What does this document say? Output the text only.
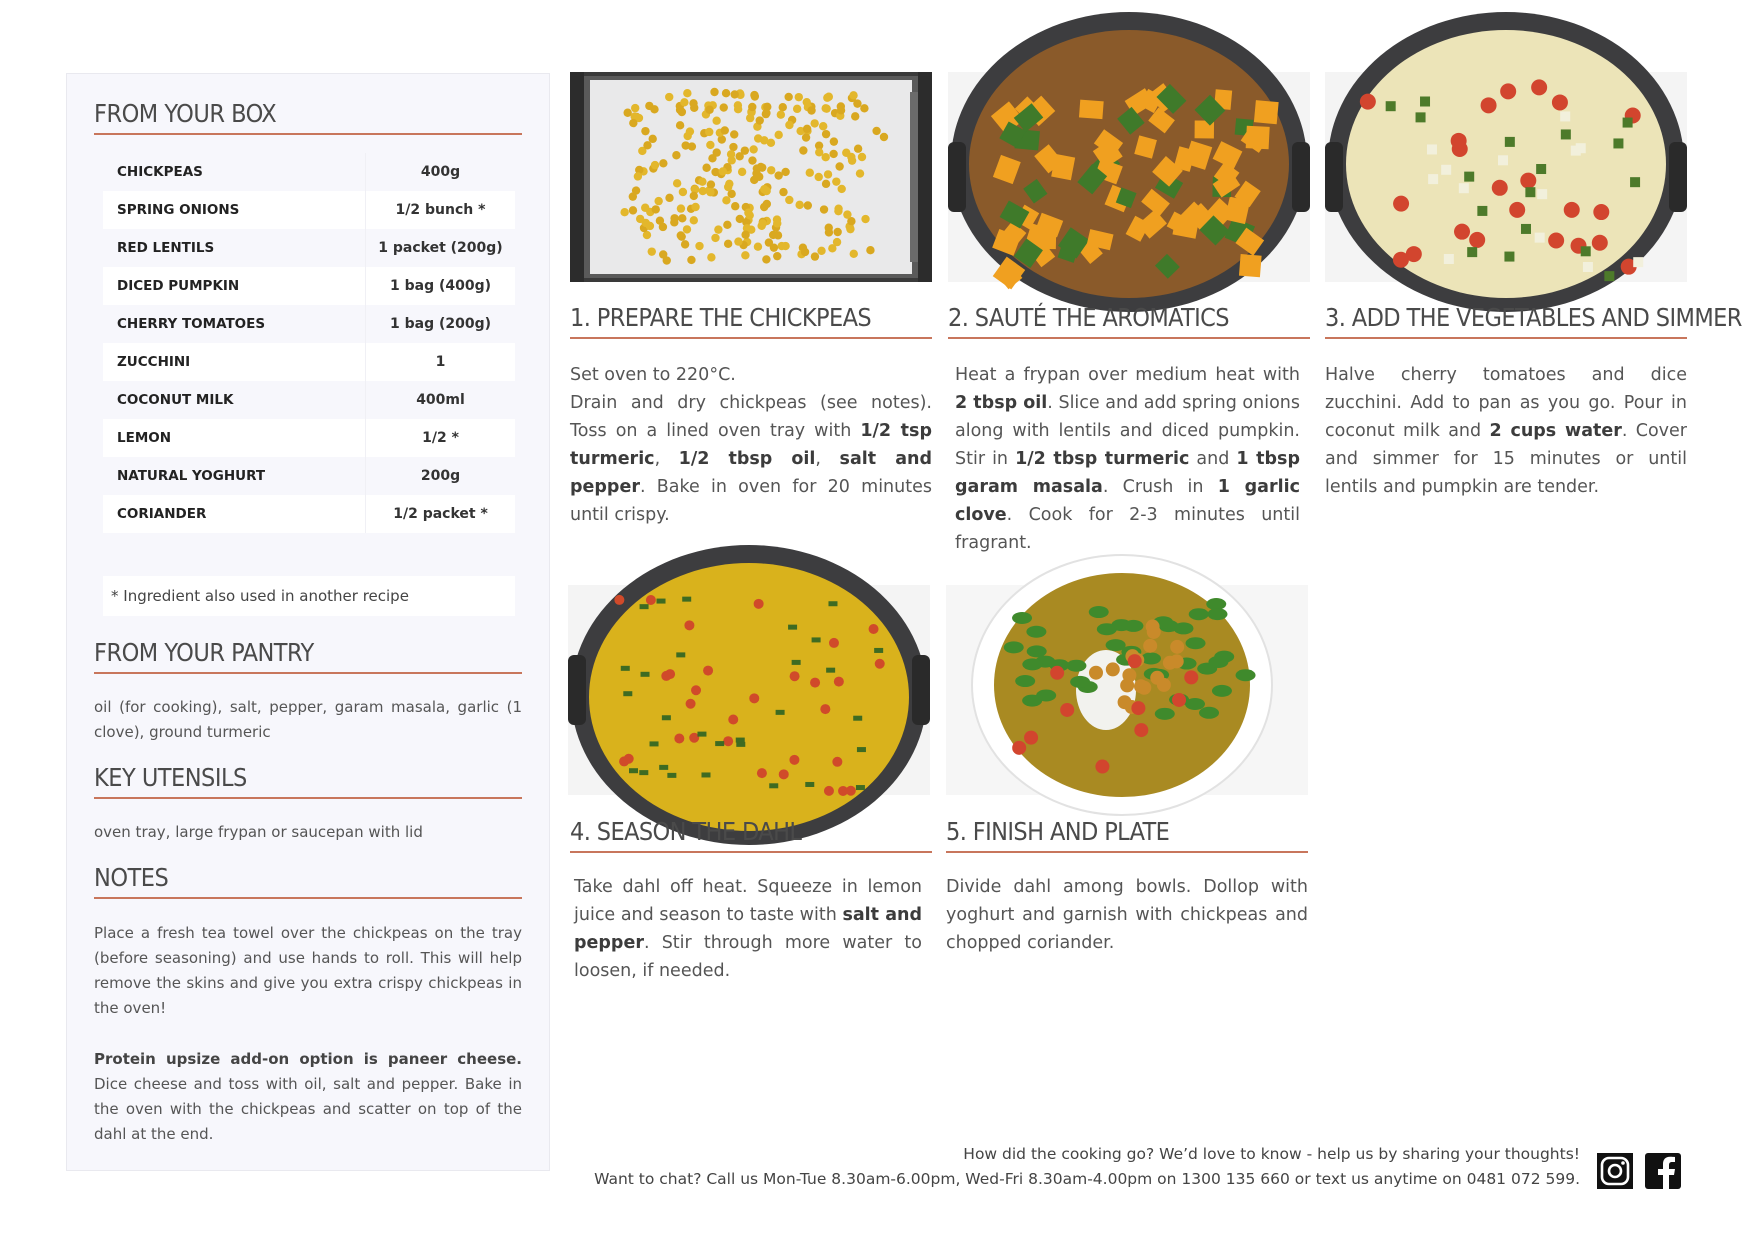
FROM YOUR BOX
CHICKPEAS	400g
SPRING ONIONS	1/2 bunch *
RED LENTILS	1 packet (200g)
DICED PUMPKIN	1 bag (400g)
CHERRY TOMATOES	1 bag (200g)
ZUCCHINI	1
COCONUT MILK	400ml
LEMON	1/2 *
NATURAL YOGHURT	200g
CORIANDER	1/2 packet *
* Ingredient also used in another recipe
FROM YOUR PANTRY

oil (for cooking), salt, pepper, garam masala, garlic (1 clove), ground turmeric

KEY UTENSILS

oven tray, large frypan or saucepan with lid

NOTES

Place a fresh tea towel over the chickpeas on the tray (before seasoning) and use hands to roll. This will help remove the skins and give you extra crispy chickpeas in the oven!

Protein upsize add-on option is paneer cheese. Dice cheese and toss with oil, salt and pepper. Bake in the oven with the chickpeas and scatter on top of the dahl at the end.

1. PREPARE THE CHICKPEAS	2. SAUTÉ THE AROMATICS	3. ADD THE VEGETABLES AND SIMMER
4. SEASON THE DAHL	5. FINISH AND PLATE

Set oven to 220°C.
Drain and dry chickpeas (see notes). Toss on a lined oven tray with 1/2 tsp turmeric, 1/2 tbsp oil, salt and pepper. Bake in oven for 20 minutes until crispy.

Heat a frypan over medium heat with 2 tbsp oil. Slice and add spring onions along with lentils and diced pumpkin. Stir in 1/2 tbsp turmeric and 1 tbsp garam masala. Crush in 1 garlic clove. Cook for 2-3 minutes until fragrant.

Halve cherry tomatoes and dice zucchini. Add to pan as you go. Pour in coconut milk and 2 cups water. Cover and simmer for 15 minutes or until lentils and pumpkin are tender.

Take dahl off heat. Squeeze in lemon juice and season to taste with salt and pepper. Stir through more water to loosen, if needed.

Divide dahl among bowls. Dollop with yoghurt and garnish with chickpeas and chopped coriander.

How did the cooking go? We’d love to know - help us by sharing your thoughts!
Want to chat? Call us Mon-Tue 8.30am-6.00pm, Wed-Fri 8.30am-4.00pm on 1300 135 660 or text us anytime on 0481 072 599.
